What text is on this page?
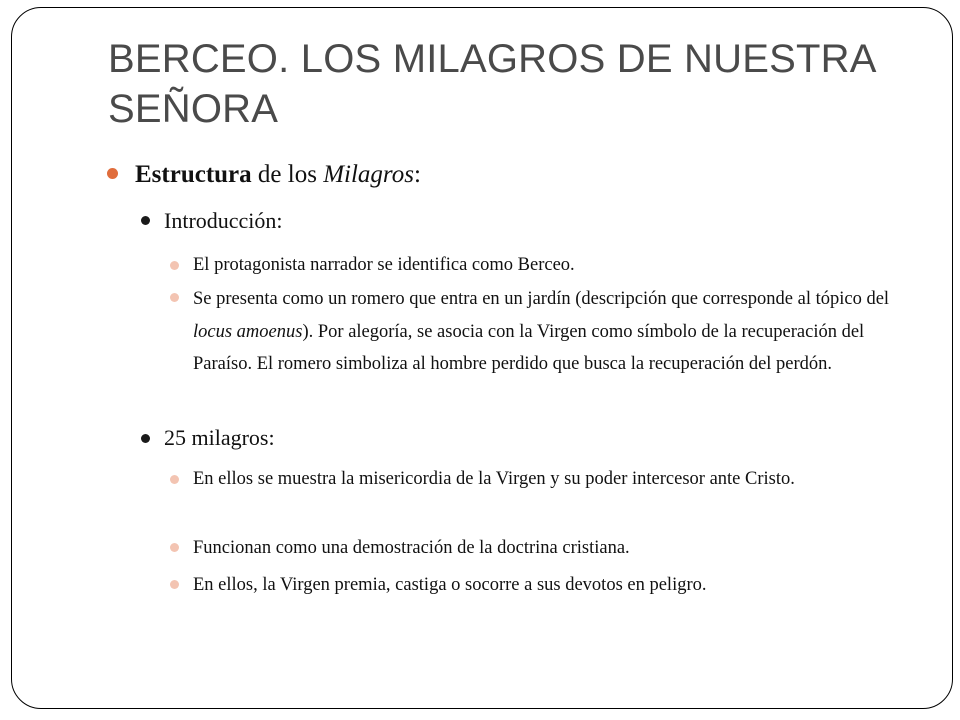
BERCEO. LOS MILAGROS DE NUESTRA SEÑORA
Estructura de los Milagros:
Introducción:
El protagonista narrador se identifica como Berceo.
Se presenta como un romero que entra en un jardín (descripción que corresponde al tópico del locus amoenus). Por alegoría, se asocia con la Virgen como símbolo de la recuperación del Paraíso. El romero simboliza al hombre perdido que busca la recuperación del perdón.
25 milagros:
En ellos se muestra la misericordia de la Virgen y su poder intercesor ante Cristo.
Funcionan como una demostración de la doctrina cristiana.
En ellos, la Virgen premia, castiga o socorre a sus devotos en peligro.
